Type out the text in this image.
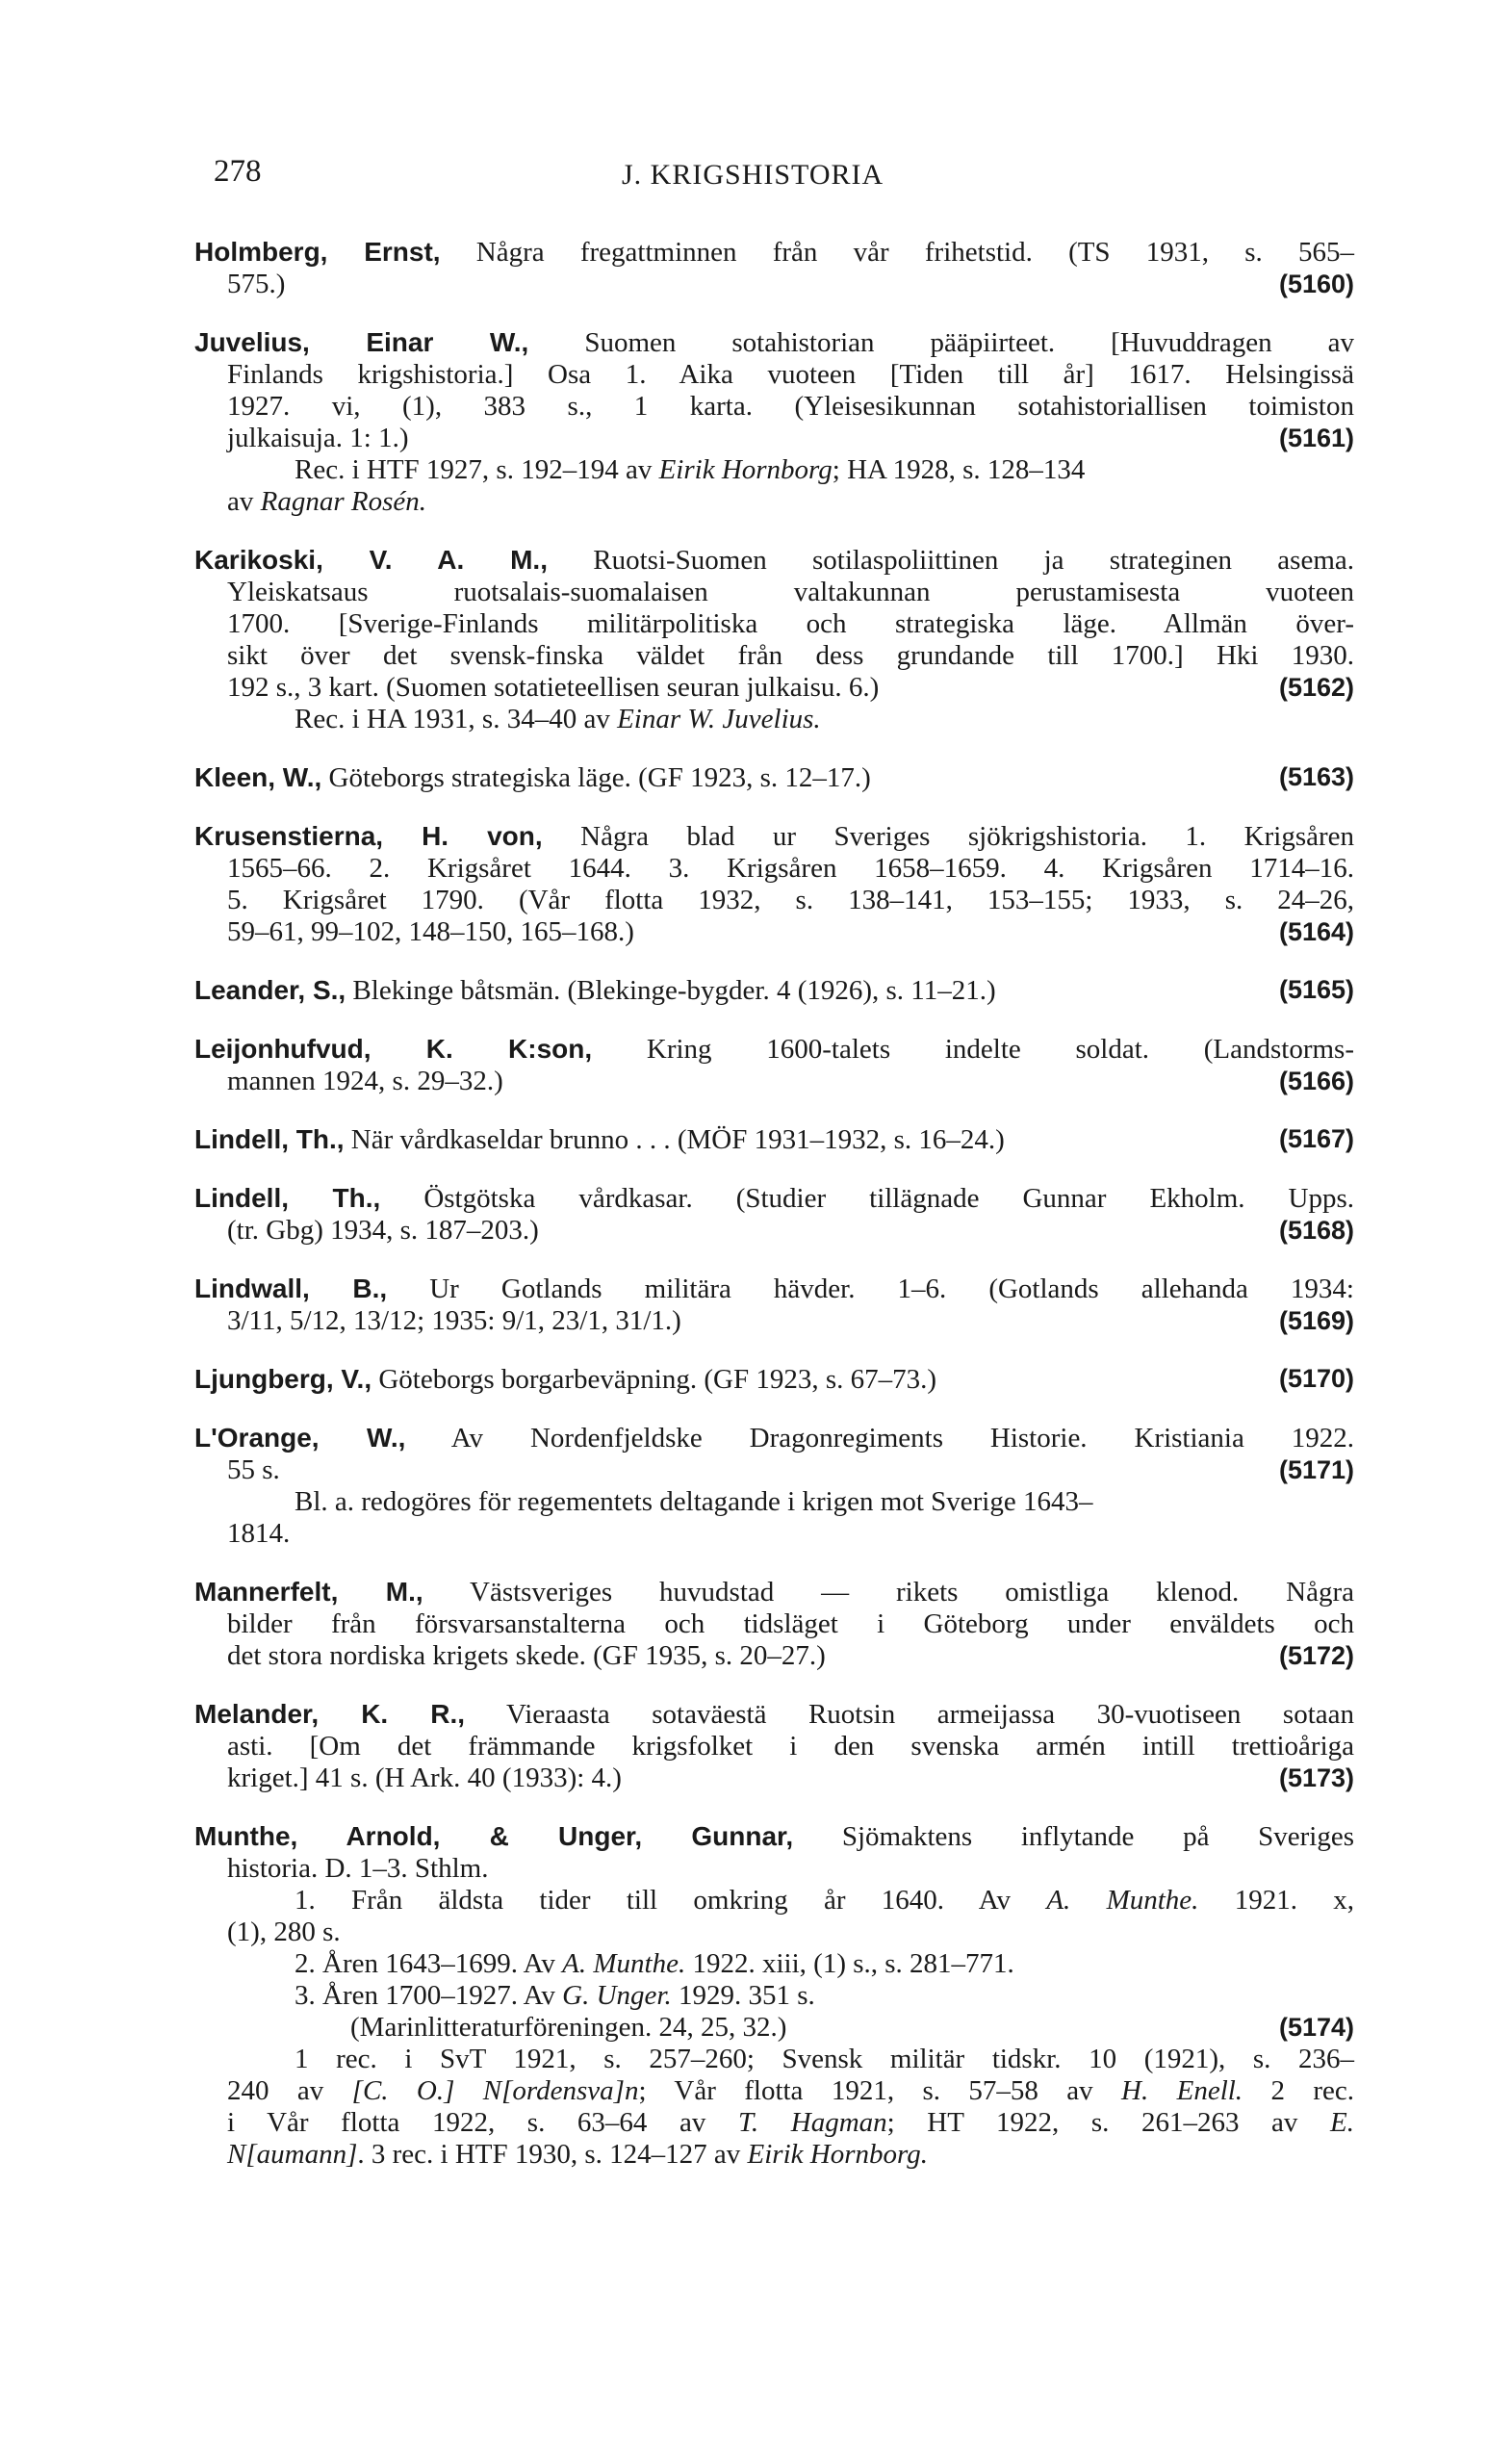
278	J. KRIGSHISTORIA
Holmberg, Ernst, Några fregattminnen från vår frihetstid. (TS 1931, s. 565–
575.)	(5160)
Juvelius, Einar W., Suomen sotahistorian pääpiirteet. [Huvuddragen av
Finlands krigshistoria.] Osa 1. Aika vuoteen [Tiden till år] 1617. Helsingissä
1927. vi, (1), 383 s., 1 karta. (Yleisesikunnan sotahistoriallisen toimiston
julkaisuja. 1: 1.)	(5161)
Rec. i HTF 1927, s. 192–194 av Eirik Hornborg; HA 1928, s. 128–134
av Ragnar Rosén.
Karikoski, V. A. M., Ruotsi-Suomen sotilaspoliittinen ja strateginen asema.
Yleiskatsaus ruotsalais-suomalaisen valtakunnan perustamisesta vuoteen
1700. [Sverige-Finlands militärpolitiska och strategiska läge. Allmän över-
sikt över det svensk-finska väldet från dess grundande till 1700.] Hki 1930.
192 s., 3 kart. (Suomen sotatieteellisen seuran julkaisu. 6.)	(5162)
Rec. i HA 1931, s. 34–40 av Einar W. Juvelius.
Kleen, W., Göteborgs strategiska läge. (GF 1923, s. 12–17.)	(5163)
Krusenstierna, H. von, Några blad ur Sveriges sjökrigshistoria. 1. Krigsåren
1565–66. 2. Krigsåret 1644. 3. Krigsåren 1658–1659. 4. Krigsåren 1714–16.
5. Krigsåret 1790. (Vår flotta 1932, s. 138–141, 153–155; 1933, s. 24–26,
59–61, 99–102, 148–150, 165–168.)	(5164)
Leander, S., Blekinge båtsmän. (Blekinge-bygder. 4 (1926), s. 11–21.)	(5165)
Leijonhufvud, K. K:son, Kring 1600-talets indelte soldat. (Landstorms-
mannen 1924, s. 29–32.)	(5166)
Lindell, Th., När vårdkaseldar brunno . . . (MÖF 1931–1932, s. 16–24.)	(5167)
Lindell, Th., Östgötska vårdkasar. (Studier tillägnade Gunnar Ekholm. Upps.
(tr. Gbg) 1934, s. 187–203.)	(5168)
Lindwall, B., Ur Gotlands militära hävder. 1–6. (Gotlands allehanda 1934:
3/11, 5/12, 13/12; 1935: 9/1, 23/1, 31/1.)	(5169)
Ljungberg, V., Göteborgs borgarbeväpning. (GF 1923, s. 67–73.)	(5170)
L'Orange, W., Av Nordenfjeldske Dragonregiments Historie. Kristiania 1922.
55 s.	(5171)
Bl. a. redogöres för regementets deltagande i krigen mot Sverige 1643–
1814.
Mannerfelt, M., Västsveriges huvudstad — rikets omistliga klenod. Några
bilder från försvarsanstalterna och tidsläget i Göteborg under enväldets och
det stora nordiska krigets skede. (GF 1935, s. 20–27.)	(5172)
Melander, K. R., Vieraasta sotaväestä Ruotsin armeijassa 30-vuotiseen sotaan
asti. [Om det främmande krigsfolket i den svenska armén intill trettioåriga
kriget.] 41 s. (H Ark. 40 (1933): 4.)	(5173)
Munthe, Arnold, & Unger, Gunnar, Sjömaktens inflytande på Sveriges
historia. D. 1–3. Sthlm.
1. Från äldsta tider till omkring år 1640. Av A. Munthe. 1921. x,
(1), 280 s.
2. Åren 1643–1699. Av A. Munthe. 1922. xiii, (1) s., s. 281–771.
3. Åren 1700–1927. Av G. Unger. 1929. 351 s.
(Marinlitteraturföreningen. 24, 25, 32.)	(5174)
1 rec. i SvT 1921, s. 257–260; Svensk militär tidskr. 10 (1921), s. 236–
240 av [C. O.] N[ordensva]n; Vår flotta 1921, s. 57–58 av H. Enell. 2 rec.
i Vår flotta 1922, s. 63–64 av T. Hagman; HT 1922, s. 261–263 av E.
N[aumann]. 3 rec. i HTF 1930, s. 124–127 av Eirik Hornborg.
